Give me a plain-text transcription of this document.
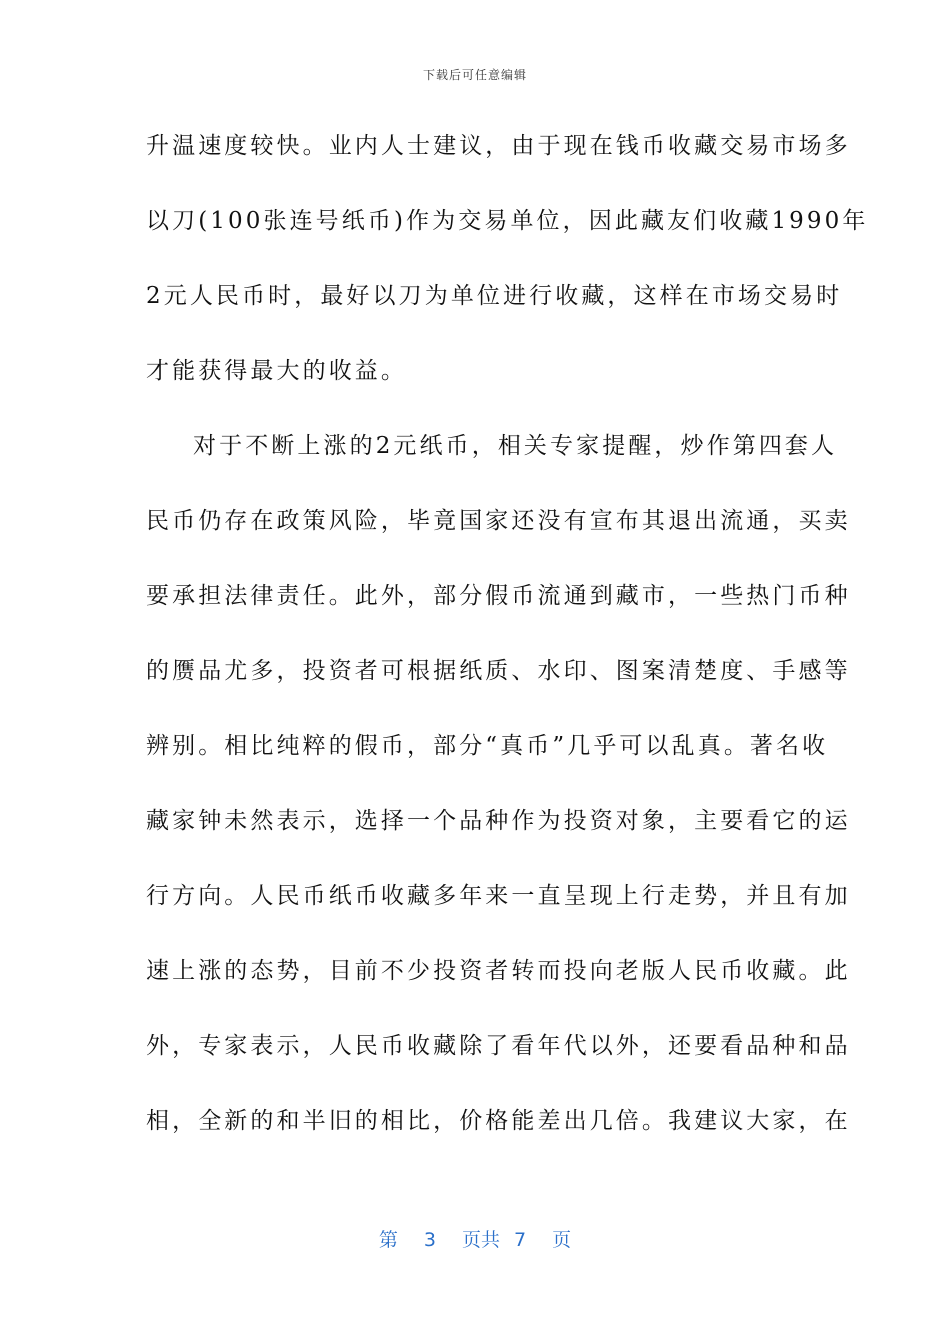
下载后可任意编辑
升温速度较快。业内人士建议，由于现在钱币收藏交易市场多
以刀(100张连号纸币)作为交易单位，因此藏友们收藏1990年
2元人民币时，最好以刀为单位进行收藏，这样在市场交易时
才能获得最大的收益。
对于不断上涨的2元纸币，相关专家提醒，炒作第四套人
民币仍存在政策风险，毕竟国家还没有宣布其退出流通，买卖
要承担法律责任。此外，部分假币流通到藏市，一些热门币种
的赝品尤多，投资者可根据纸质、水印、图案清楚度、手感等
辨别。相比纯粹的假币，部分“真币”几乎可以乱真。著名收
藏家钟未然表示，选择一个品种作为投资对象，主要看它的运
行方向。人民币纸币收藏多年来一直呈现上行走势，并且有加
速上涨的态势，目前不少投资者转而投向老版人民币收藏。此
外，专家表示，人民币收藏除了看年代以外，还要看品种和品
相，全新的和半旧的相比，价格能差出几倍。我建议大家，在
第 3 页共 7 页
